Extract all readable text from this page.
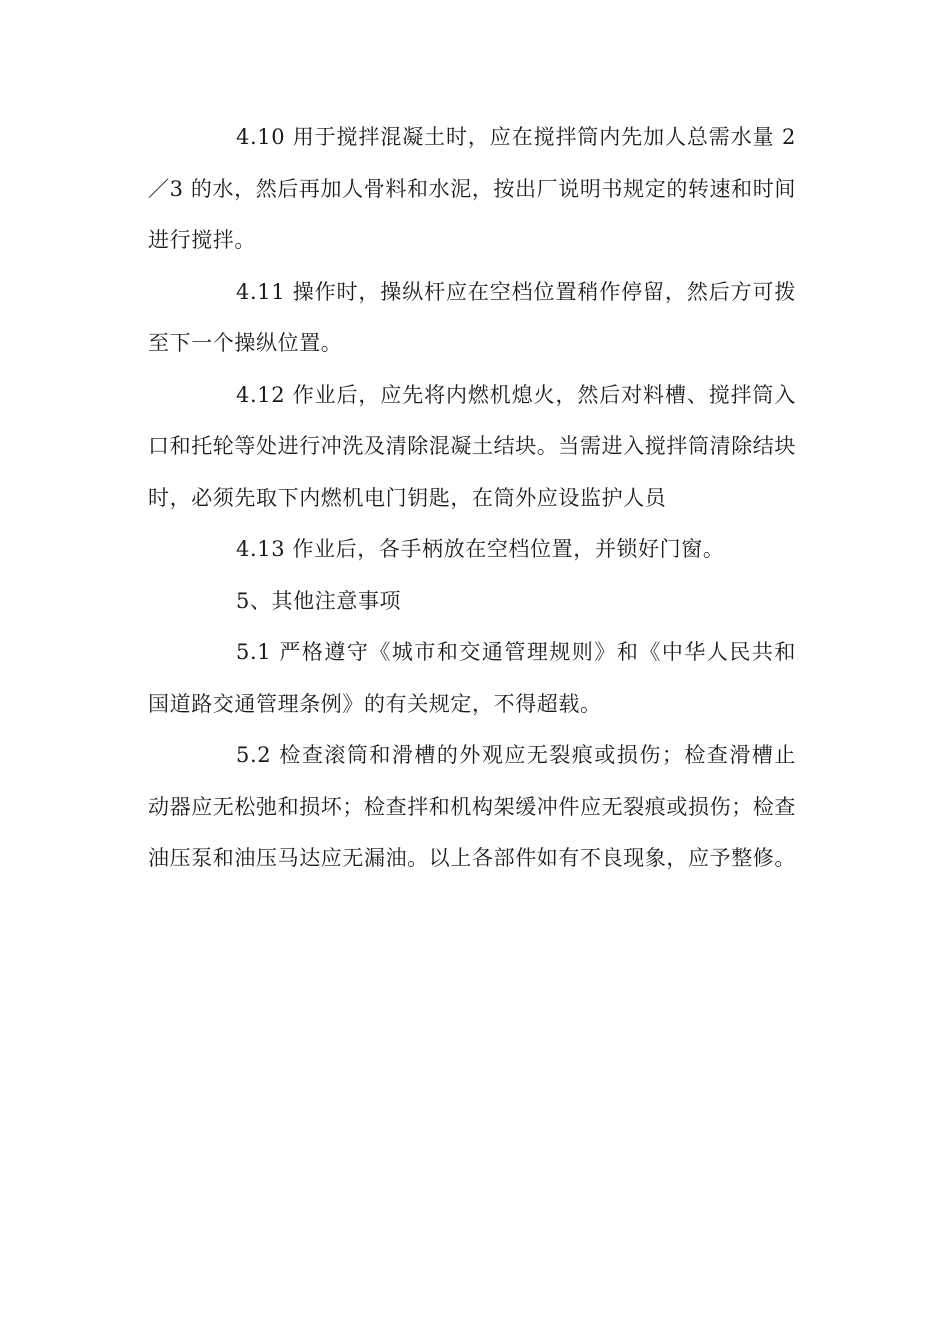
4.10 用于搅拌混凝土时，应在搅拌筒内先加人总需水量 2／3 的水，然后再加人骨料和水泥，按出厂说明书规定的转速和时间进行搅拌。

4.11 操作时，操纵杆应在空档位置稍作停留，然后方可拨至下一个操纵位置。

4.12 作业后，应先将内燃机熄火，然后对料槽、搅拌筒入口和托轮等处进行冲洗及清除混凝土结块。当需进入搅拌筒清除结块时，必须先取下内燃机电门钥匙，在筒外应设监护人员

4.13 作业后，各手柄放在空档位置，并锁好门窗。

5、其他注意事项

5.1 严格遵守《城市和交通管理规则》和《中华人民共和国道路交通管理条例》的有关规定，不得超载。

5.2 检查滚筒和滑槽的外观应无裂痕或损伤；检查滑槽止动器应无松弛和损坏；检查拌和机构架缓冲件应无裂痕或损伤；检查油压泵和油压马达应无漏油。以上各部件如有不良现象，应予整修。
